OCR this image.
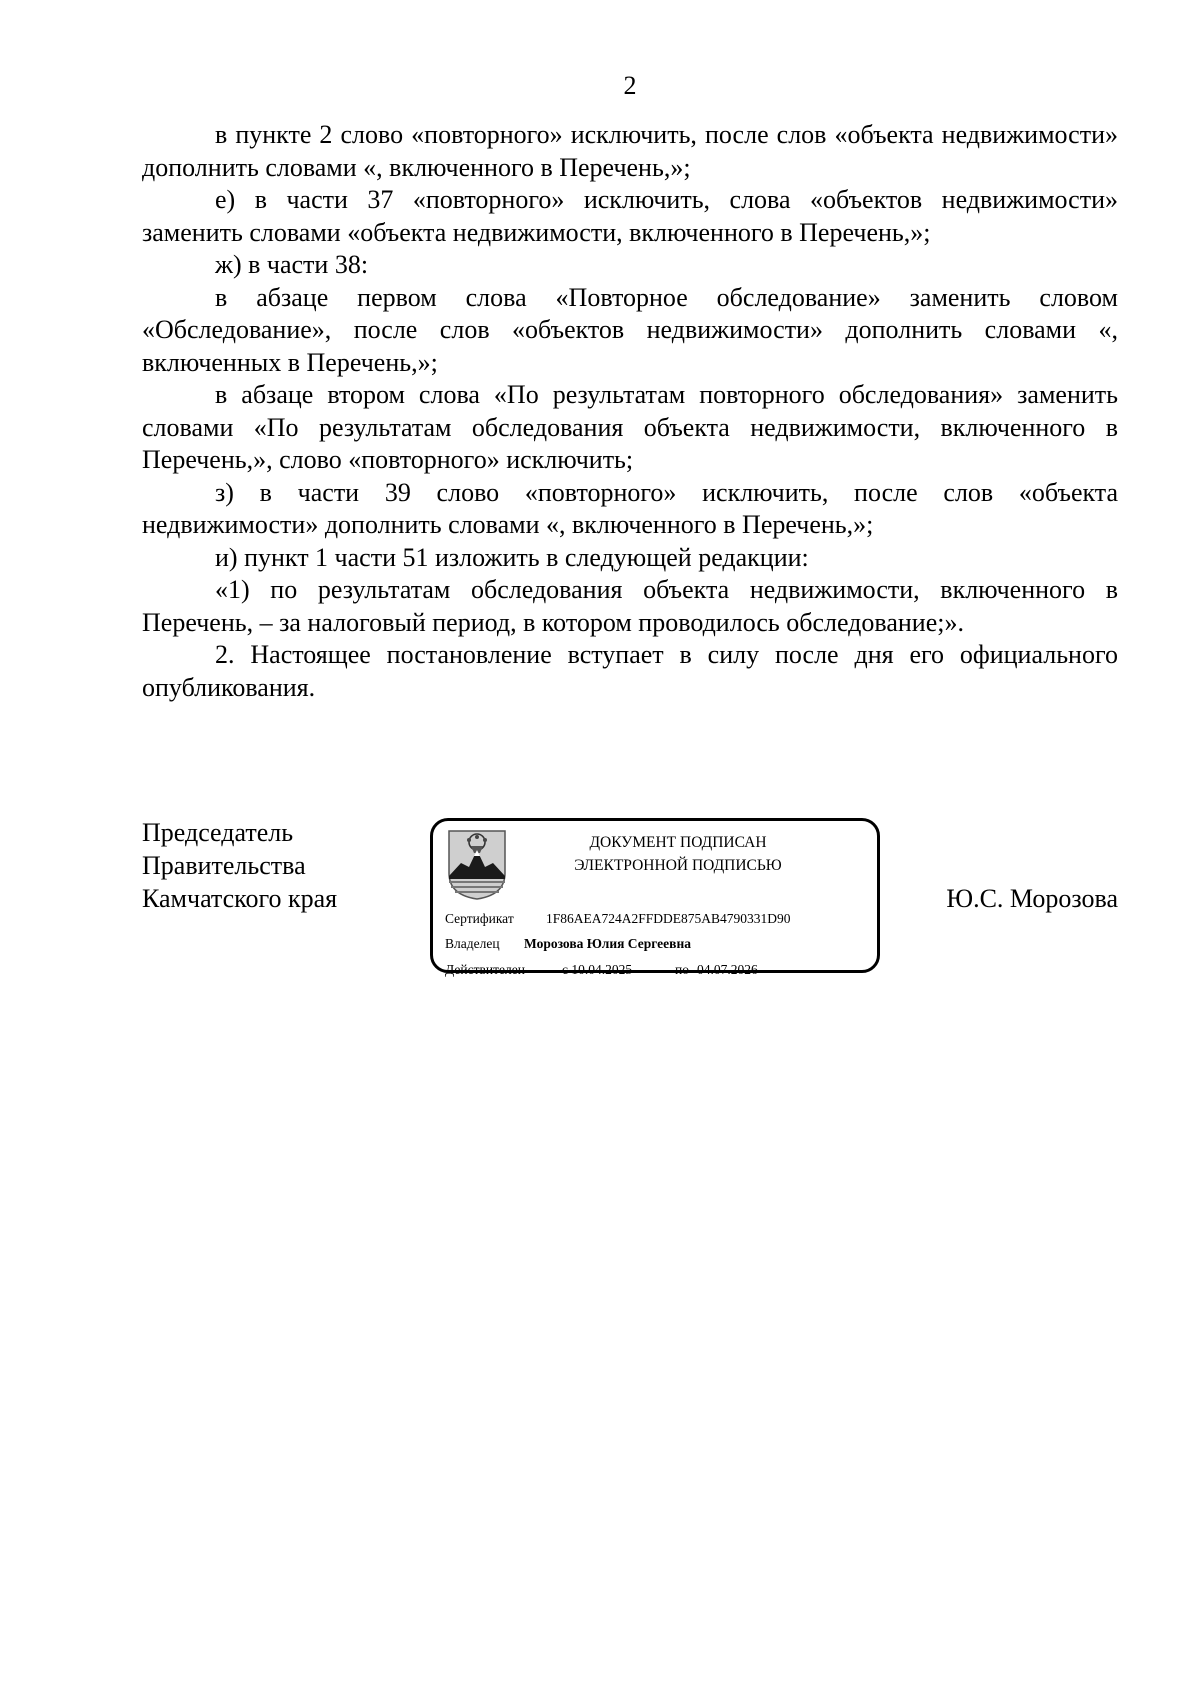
2

в пункте 2 слово «повторного» исключить, после слов «объекта недвижимости» дополнить словами «, включенного в Перечень,»;

е) в части 37 «повторного» исключить, слова «объектов недвижимости» заменить словами «объекта недвижимости, включенного в Перечень,»;

ж) в части 38:

в абзаце первом слова «Повторное обследование» заменить словом «Обследование», после слов «объектов недвижимости» дополнить словами «, включенных в Перечень,»;

в абзаце втором слова «По результатам повторного обследования» заменить словами «По результатам обследования объекта недвижимости, включенного в Перечень,», слово «повторного» исключить;

з) в части 39 слово «повторного» исключить, после слов «объекта недвижимости» дополнить словами «, включенного в Перечень,»;

и) пункт 1 части 51 изложить в следующей редакции:

«1) по результатам обследования объекта недвижимости, включенного в Перечень, – за налоговый период, в котором проводилось обследование;».

2. Настоящее постановление вступает в силу после дня его официального опубликования.

Председатель
Правительства
Камчатского края
ДОКУМЕНТ ПОДПИСАН
ЭЛЕКТРОННОЙ ПОДПИСЬЮ
Сертификат 1F86AEA724A2FFDDE875AB4790331D90
Владелец Морозова Юлия Сергеевна
Действителен	с 10.04.2025	по 04.07.2026
Ю.С. Морозова
